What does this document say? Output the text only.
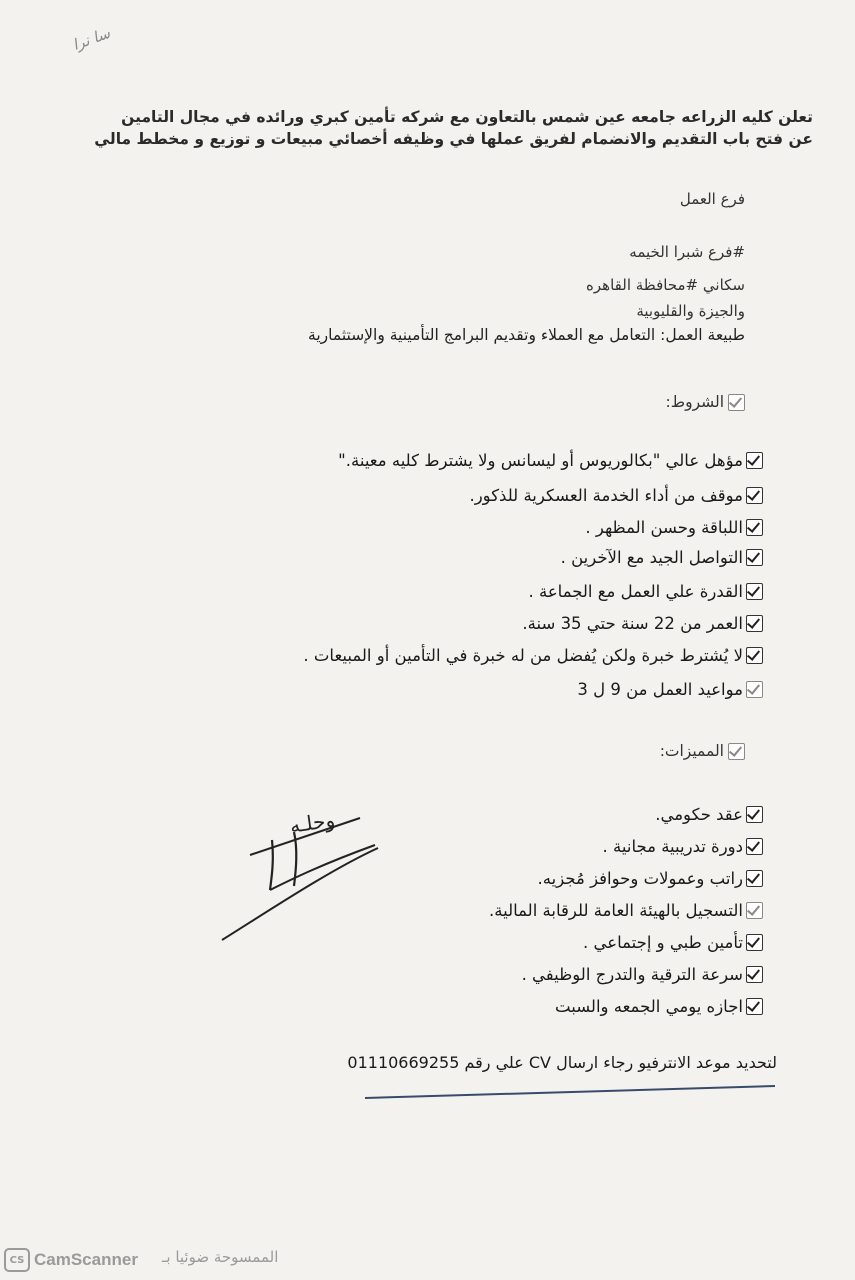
سا نرا
تعلن كليه الزراعه جامعه عين شمس بالتعاون مع شركه تأمين كبري ورائده في مجال التامين عن فتح باب التقديم والانضمام لفريق عملها في وظيفه أخصائي مبيعات و توزيع و مخطط مالي
فرع العمل
#فرع شبرا الخيمه
سكاني #محافظة القاهره
والجيزة والقليوبية
طبيعة العمل: التعامل مع العملاء وتقديم البرامج التأمينية والإستثمارية
الشروط:
مؤهل عالي "بكالوريوس أو ليسانس ولا يشترط كليه معينة."
موقف من أداء الخدمة العسكرية للذكور.
اللباقة وحسن المظهر .
التواصل الجيد مع الآخرين .
القدرة علي العمل مع الجماعة .
العمر من 22 سنة حتي 35 سنة.
لا يُشترط خبرة ولكن يُفضل من له خبرة في التأمين أو المبيعات .
مواعيد العمل من 9 ل 3
المميزات:
عقد حكومي.
دورة تدريبية مجانية .
راتب وعمولات وحوافز مُجزيه.
التسجيل بالهيئة العامة للرقابة المالية.
تأمين طبي و إجتماعي .
سرعة الترقية والتدرج الوظيفي .
اجازه يومي الجمعه والسبت
وحلـه
لتحديد موعد الانترفيو رجاء ارسال CV علي رقم 01110669255
CS CamScanner الممسوحة ضوئيا بـ
